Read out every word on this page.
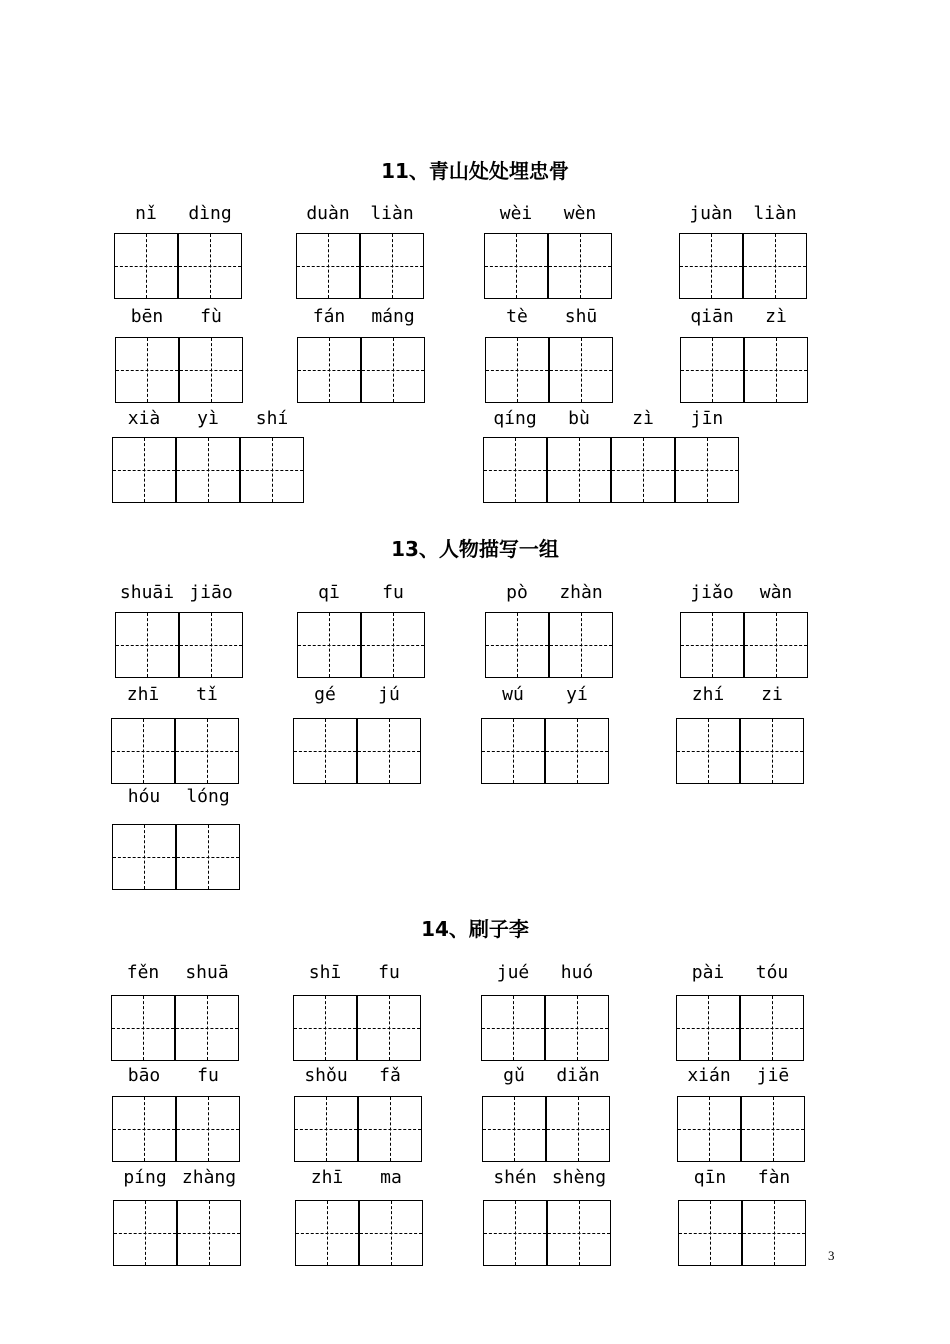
11、青山处处埋忠骨
nǐ	dìng	duàn	liàn	wèi	wèn	juàn	liàn
bēn	fù	fán	máng	tè	shū	qiān	zì
xià	yì	shí	qíng	bù	zì	jīn
13、人物描写一组
shuāi jiāo	qī	fu	pò	zhàn	jiǎo	wàn
zhī	tǐ	gé	jú	wú	yí	zhí	zi
hóu	lóng
14、刷子李
fěn	shuā	shī	fu	jué	huó	pài	tóu
bāo	fu	shǒu	fǎ	gǔ	diǎn	xián	jiē
píng zhàng	zhī	ma	shén shèng	qīn	fàn
3
